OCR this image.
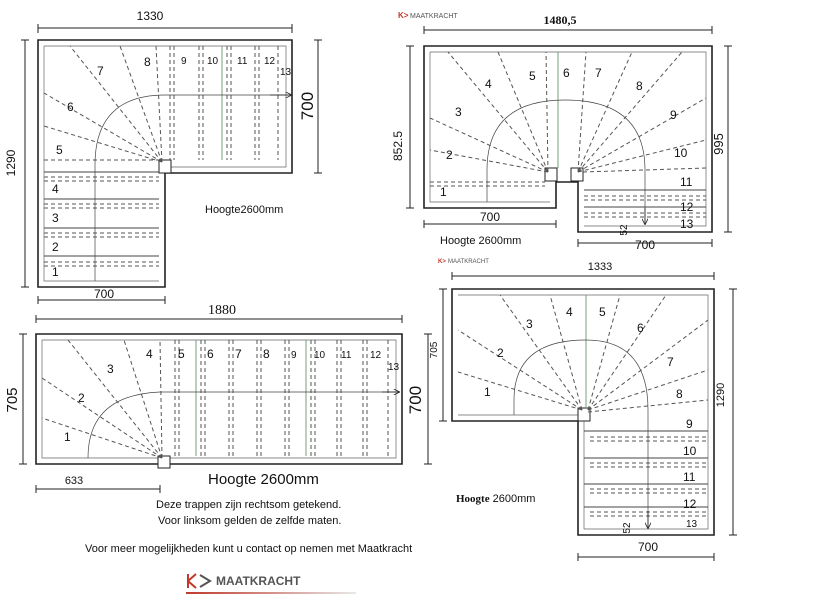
1330
1290
700
700
Hoogte2600mm
1
2
3
4
5
6
7
8	9 10 11 12
13
1480,5
852.5	995
700
700
52
Hoogte 2600mm
1
2
3
4
5 6 7
8
9
10
11
12
13
1880
705	700
633	Hoogte 2600mm
1
2
3
4 5 6 7 8 9 10 11 12
13
1333
705
1290
700
52
Hoogte 2600mm
1
2
3
4 5
6
7
8
9
10
11
12
13
K> MAATKRACHT
K> MAATKRACHT
Deze trappen zijn rechtsom getekend.
Voor linksom gelden de zelfde maten.
Voor meer mogelijkheden kunt u contact op nemen met Maatkracht
MAATKRACHT
